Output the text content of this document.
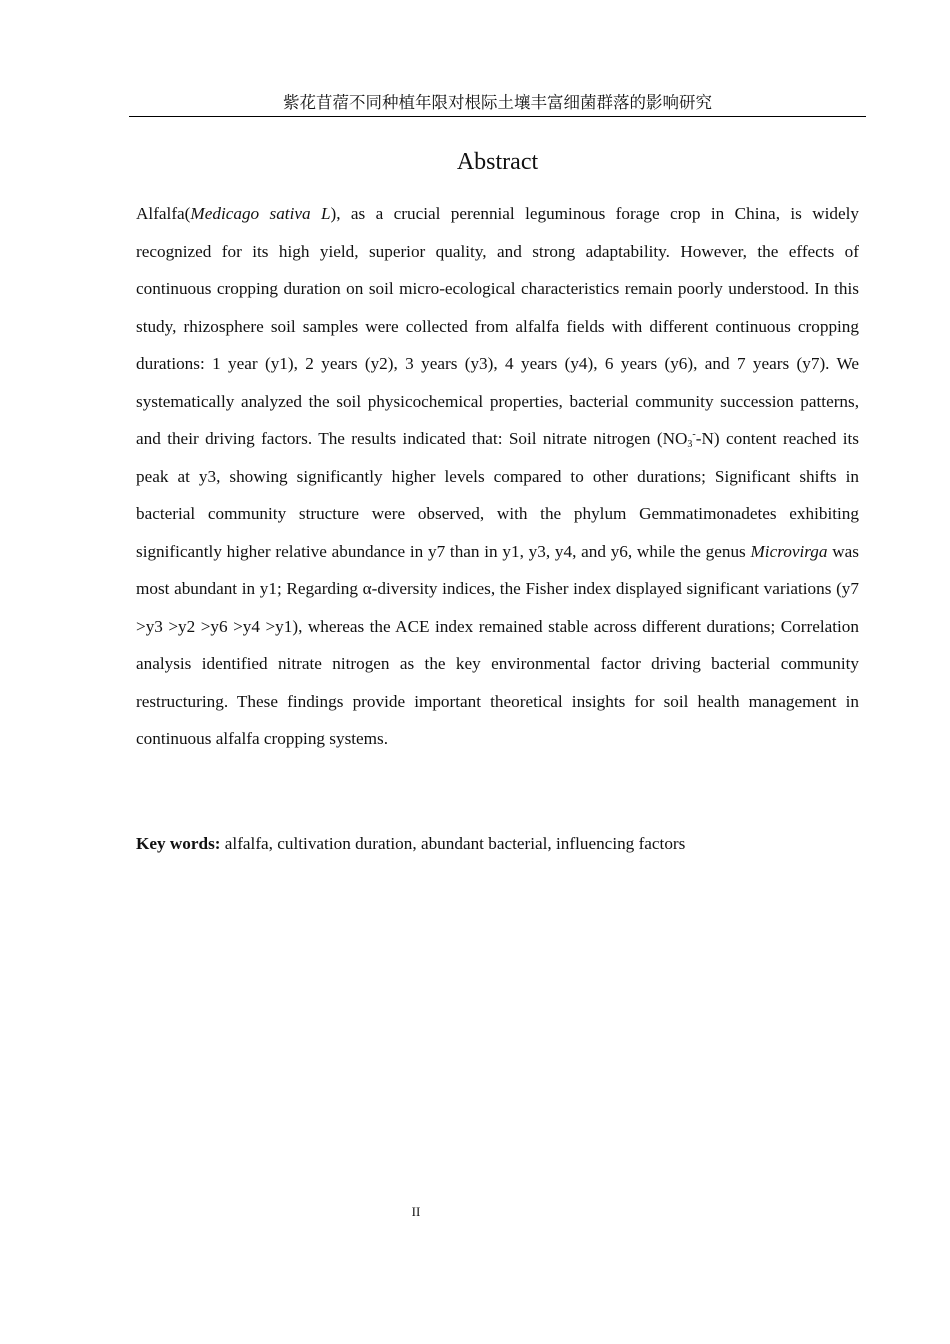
紫花苜蓿不同种植年限对根际土壤丰富细菌群落的影响研究
Abstract

Alfalfa(Medicago sativa L), as a crucial perennial leguminous forage crop in China, is widely recognized for its high yield, superior quality, and strong adaptability. However, the effects of continuous cropping duration on soil micro-ecological characteristics remain poorly understood. In this study, rhizosphere soil samples were collected from alfalfa fields with different continuous cropping durations: 1 year (y1), 2 years (y2), 3 years (y3), 4 years (y4), 6 years (y6), and 7 years (y7). We systematically analyzed the soil physicochemical properties, bacterial community succession patterns, and their driving factors. The results indicated that: Soil nitrate nitrogen $(NO_3^--N)$ content reached its peak at y3, showing significantly higher levels compared to other durations; Significant shifts in bacterial community structure were observed, with the phylum Gemmatimonadetes exhibiting significantly higher relative abundance in y7 than in y1, y3, y4, and y6, while the genus Microvirga was most abundant in y1; Regarding α-diversity indices, the Fisher index displayed significant variations (y7 >y3 >y2 >y6 >y4 >y1), whereas the ACE index remained stable across different durations; Correlation analysis identified nitrate nitrogen as the key environmental factor driving bacterial community restructuring. These findings provide important theoretical insights for soil health management in continuous alfalfa cropping systems.

Key words: alfalfa, cultivation duration, abundant bacterial, influencing factors

II
